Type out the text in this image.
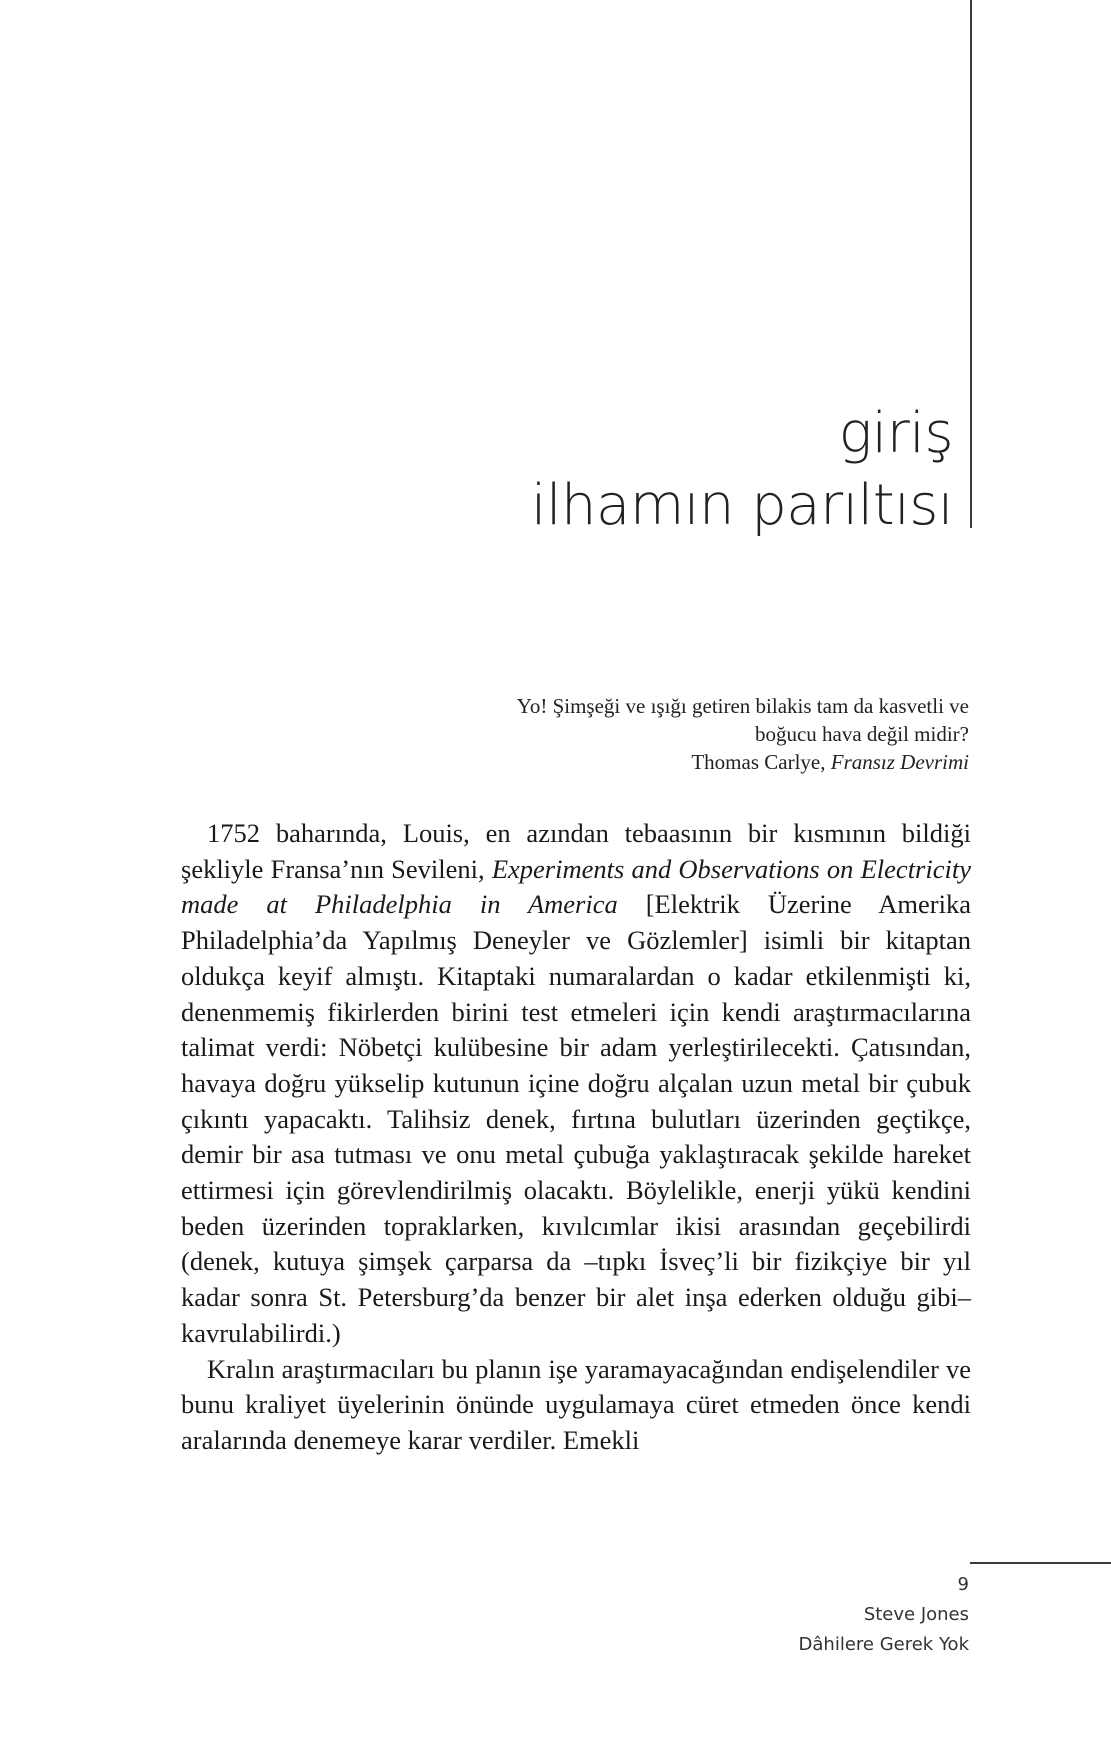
giriş
ilhamın parıltısı
Yo! Şimşeği ve ışığı getiren bilakis tam da kasvetli ve
boğucu hava değil midir?
Thomas Carlye, Fransız Devrimi

1752 baharında, Louis, en azından tebaasının bir kısmının bildiği şekliyle Fransa’nın Sevileni, Experiments and Observations on Electricity made at Philadelphia in America [Elektrik Üzerine Amerika Philadelphia’da Yapılmış Deneyler ve Gözlemler] isimli bir kitaptan oldukça keyif almıştı. Kitaptaki numaralardan o kadar etkilenmişti ki, denenmemiş fikirlerden birini test etmeleri için kendi araştırmacılarına talimat verdi: Nöbetçi kulübesine bir adam yerleştirilecekti. Çatısından, havaya doğru yükselip kutunun içine doğru alçalan uzun metal bir çubuk çıkıntı yapacaktı. Talihsiz denek, fırtına bulutları üzerinden geçtikçe, demir bir asa tutması ve onu metal çubuğa yaklaştıracak şekilde hareket ettirmesi için görevlendirilmiş olacaktı. Böylelikle, enerji yükü kendini beden üzerinden topraklarken, kıvılcımlar ikisi arasından geçebilirdi (denek, kutuya şimşek çarparsa da –tıpkı İsveç’li bir fizikçiye bir yıl kadar sonra St. Petersburg’da benzer bir alet inşa ederken olduğu gibi– kavrulabilirdi.)

Kralın araştırmacıları bu planın işe yaramayacağından endişelendiler ve bunu kraliyet üyelerinin önünde uygulamaya cüret etmeden önce kendi aralarında denemeye karar verdiler. Emekli

9
Steve Jones
Dâhilere Gerek Yok
